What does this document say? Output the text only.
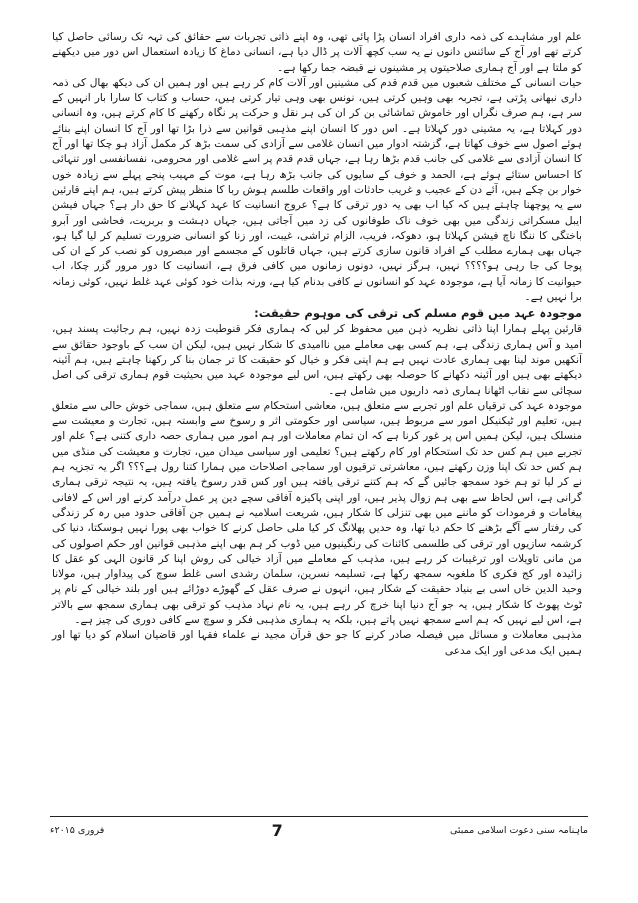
علم اور مشاہدے کی ذمہ داری افراد انسان پڑا پائی تھی، وہ اپنے ذاتی تجربات سے حقائق کی تہہ تک رسائی حاصل کیا کرتے تھے اور آج کے سائنس دانوں نے یہ سب کچھ آلات پر ڈال دیا ہے، انسانی دماغ کا زیادہ استعمال اس دور میں دیکھنے کو ملتا ہے اور آج ہماری صلاحیتوں پر مشینوں نے قبضہ جما رکھا ہے۔

حیات انسانی کے مختلف شعبوں میں قدم قدم کی مشینیں اور آلات کام کر رہے ہیں اور ہمیں ان کی دیکھ بھال کی ذمہ داری نبھانی پڑتی ہے، تجربہ بھی وہیں کرتی ہیں، نونس بھی وہی تیار کرتی ہیں، حساب و کتاب کا سارا بار انہیں کے سر ہے، ہم صرف نگراں اور خاموش تماشائی بن کر ان کی ہر نقل و حرکت پر نگاہ رکھنے کا کام کرتے ہیں، وہ انسانی دور کہلاتا ہے، یہ مشینی دور کہلاتا ہے۔ اس دور کا انسان اپنے مذہبی قوانین سے ذرا بڑا تھا اور آج کا انسان اپنے بنائے ہوئے اصول سے خوف کھاتا ہے، گزشتہ ادوار میں انسان غلامی سے آزادی کی سمت بڑھ کر مکمل آزاد ہو چکا تھا اور آج کا انسان آزادی سے غلامی کی جانب قدم بڑھا رہا ہے، جہاں قدم قدم پر اسے غلامی اور محرومی، نفسانفسی اور تنہائی کا احساس ستائے ہوئے ہے، الحمد و خوف کے سایوں کی جانب بڑھ رہا ہے، موت کے مہیب پنجے پہلے سے زیادہ خوں خوار بن چکے ہیں، آئے دن کے عجیب و غریب حادثات اور واقعات طلسم ہوش ربا کا منظر پیش کرتے ہیں، ہم اپنے قارئین سے یہ پوچھنا چاہتے ہیں کہ کیا اب بھی یہ دور ترقی کا ہے؟ عروج انسانیت کا عہد کہلانے کا حق دار ہے؟ جہاں فیشن ایبل مسکراتی زندگی میں بھی خوف ناک طوفانوں کی زد میں آجاتی ہیں، جہاں دہشت و بربریت، فحاشی اور آبرو باختگی کا ننگا ناچ فیشن کہلاتا ہو، دھوکہ، فریب، الزام تراشی، غیبت، اور زنا کو انسانی ضرورت تسلیم کر لیا گیا ہو، جہاں بھی ہمارے مطلب کے افراد قانون سازی کرتے ہیں، جہاں قاتلوں کے مجسمے اور مبصروں کو نصب کر کے ان کی پوجا کی جا رہی ہو؟؟؟؟ نہیں، ہرگز نہیں، دونوں زمانوں میں کافی فرق ہے، انسانیت کا دور مرور گزر چکا، اب حیوانیت کا زمانہ آیا ہے، موجودہ عہد کو انسانوں نے کافی بدنام کیا ہے، ورنہ بذات خود کوئی عہد غلط نہیں، کوئی زمانہ برا نہیں ہے۔

موجودہ عہد میں قوم مسلم کی ترقی کی موہوم حقیقت:

قارئین پہلے ہمارا اپنا ذاتی نظریہ ذہن میں محفوظ کر لیں کہ ہماری فکر قنوطیت زدہ نہیں، ہم رجائیت پسند ہیں، امید و آس ہماری زندگی ہے، ہم کسی بھی معاملے میں ناامیدی کا شکار نہیں ہیں، لیکن ان سب کے باوجود حقائق سے آنکھیں موند لینا بھی ہماری عادت نہیں ہے ہم اپنی فکر و خیال کو حقیقت کا تر جمان بنا کر رکھنا چاہتے ہیں، ہم آئینہ دیکھتے بھی ہیں اور آئینہ دکھانے کا حوصلہ بھی رکھتے ہیں، اس لیے موجودہ عہد میں بحیثیت قوم ہماری ترقی کی اصل سچائی سے نقاب اٹھانا ہماری ذمہ داریوں میں شامل ہے۔

موجودہ عہد کی ترقیاں علم اور تجربے سے متعلق ہیں، معاشی استحکام سے متعلق ہیں، سماجی خوش حالی سے متعلق ہیں، تعلیم اور ٹیکنیکل امور سے مربوط ہیں، سیاسی اور حکومتی اثر و رسوخ سے وابستہ ہیں، تجارت و معیشت سے منسلک ہیں، لیکن ہمیں اس پر غور کرنا ہے کہ ان تمام معاملات اور ہم امور میں ہماری حصہ داری کتنی ہے؟ علم اور تجربے میں ہم کس حد تک استحکام اور کام رکھتے ہیں؟ تعلیمی اور سیاسی میدان میں، تجارت و معیشت کی منڈی میں ہم کس حد تک اپنا وزن رکھتے ہیں، معاشرتی ترقیوں اور سماجی اصلاحات میں ہمارا کتنا رول ہے؟؟؟ اگر یہ تجزیہ ہم نے کر لیا تو ہم خود سمجھ جائیں گے کہ ہم کتنے ترقی یافتہ ہیں اور کس قدر رسوخ یافتہ ہیں، یہ نتیجہ ترقی ہماری گرانی ہے، اس لحاظ سے بھی ہم زوال پذیر ہیں، اور اپنی پاکیزہ آفاقی سچے دین پر عمل درآمد کرنے اور اس کے لافانی پیغامات و فرمودات کو ماننے میں بھی تنزلی کا شکار ہیں، شریعت اسلامیہ نے ہمیں جن آفاقی حدود میں رہ کر زندگی کی رفتار سے آگے بڑھنے کا حکم دیا تھا، وہ حدیں پھلانگ کر کیا ملی حاصل کرنے کا خواب بھی پورا نہیں ہوسکتا، دنیا کی کرشمہ سازیوں اور ترقی کی طلسمی کائنات کی رنگینیوں میں ڈوب کر ہم بھی اپنے مذہبی قوانین اور حکم اصولوں کی من مانی تاویلات اور ترغیبات کر رہے ہیں، مذہب کے معاملے میں آزاد خیالی کی روش اپنا کر قانون الہی کو عقل کا زائیدہ اور کج فکری کا ملغوبہ سمجھ رکھا ہے، تسلیمہ نسرین، سلمان رشدی اسی غلط سوچ کی پیداوار ہیں، مولانا وحید الدین خاں اسی بے بنیاد حقیقت کے شکار ہیں، انہوں نے صرف عقل کے گھوڑے دوڑائے ہیں اور بلند خیالی کے نام پر ٹوٹ پھوٹ کا شکار ہیں، یہ جو آج دنیا اپنا خرچ کر رہے ہیں، یہ نام نہاد مذہب کو ترقی بھی ہماری سمجھ سے بالاتر ہے، اس لیے نہیں کہ ہم اسے سمجھ نہیں پاتے ہیں، بلکہ یہ ہماری مذہبی فکر و سوچ سے کافی دوری کی چیز ہے۔

مذہبی معاملات و مسائل میں فیصلہ صادر کرنے کا جو حق قرآن مجید نے علماء فقہا اور قاضیان اسلام کو دیا تھا اور ہمیں ایک مدعی اور ایک مدعی

ماہنامہ سنی دعوت اسلامی ممبئی
7
فروری ۲۰۱۵ء
